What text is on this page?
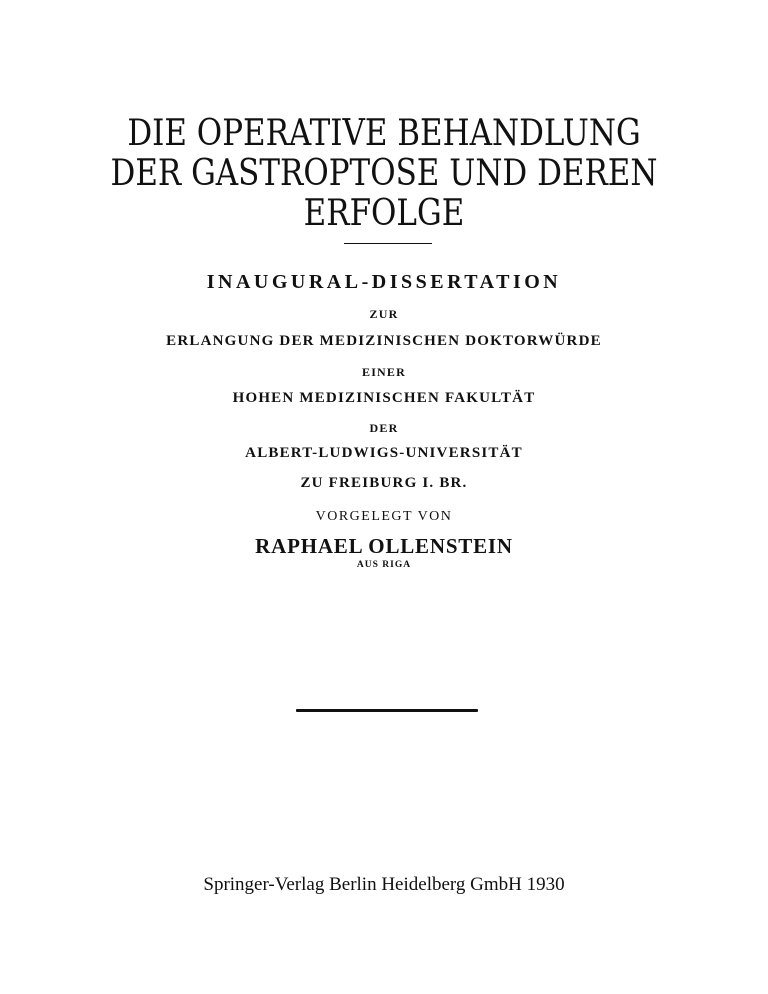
DIE OPERATIVE BEHANDLUNG
DER GASTROPTOSE UND DEREN
ERFOLGE
INAUGURAL-DISSERTATION
ZUR
ERLANGUNG DER MEDIZINISCHEN DOKTORWÜRDE
EINER
HOHEN MEDIZINISCHEN FAKULTÄT
DER
ALBERT-LUDWIGS-UNIVERSITÄT
ZU FREIBURG I. BR.
VORGELEGT VON
RAPHAEL OLLENSTEIN
AUS RIGA
Springer-Verlag Berlin Heidelberg GmbH 1930
